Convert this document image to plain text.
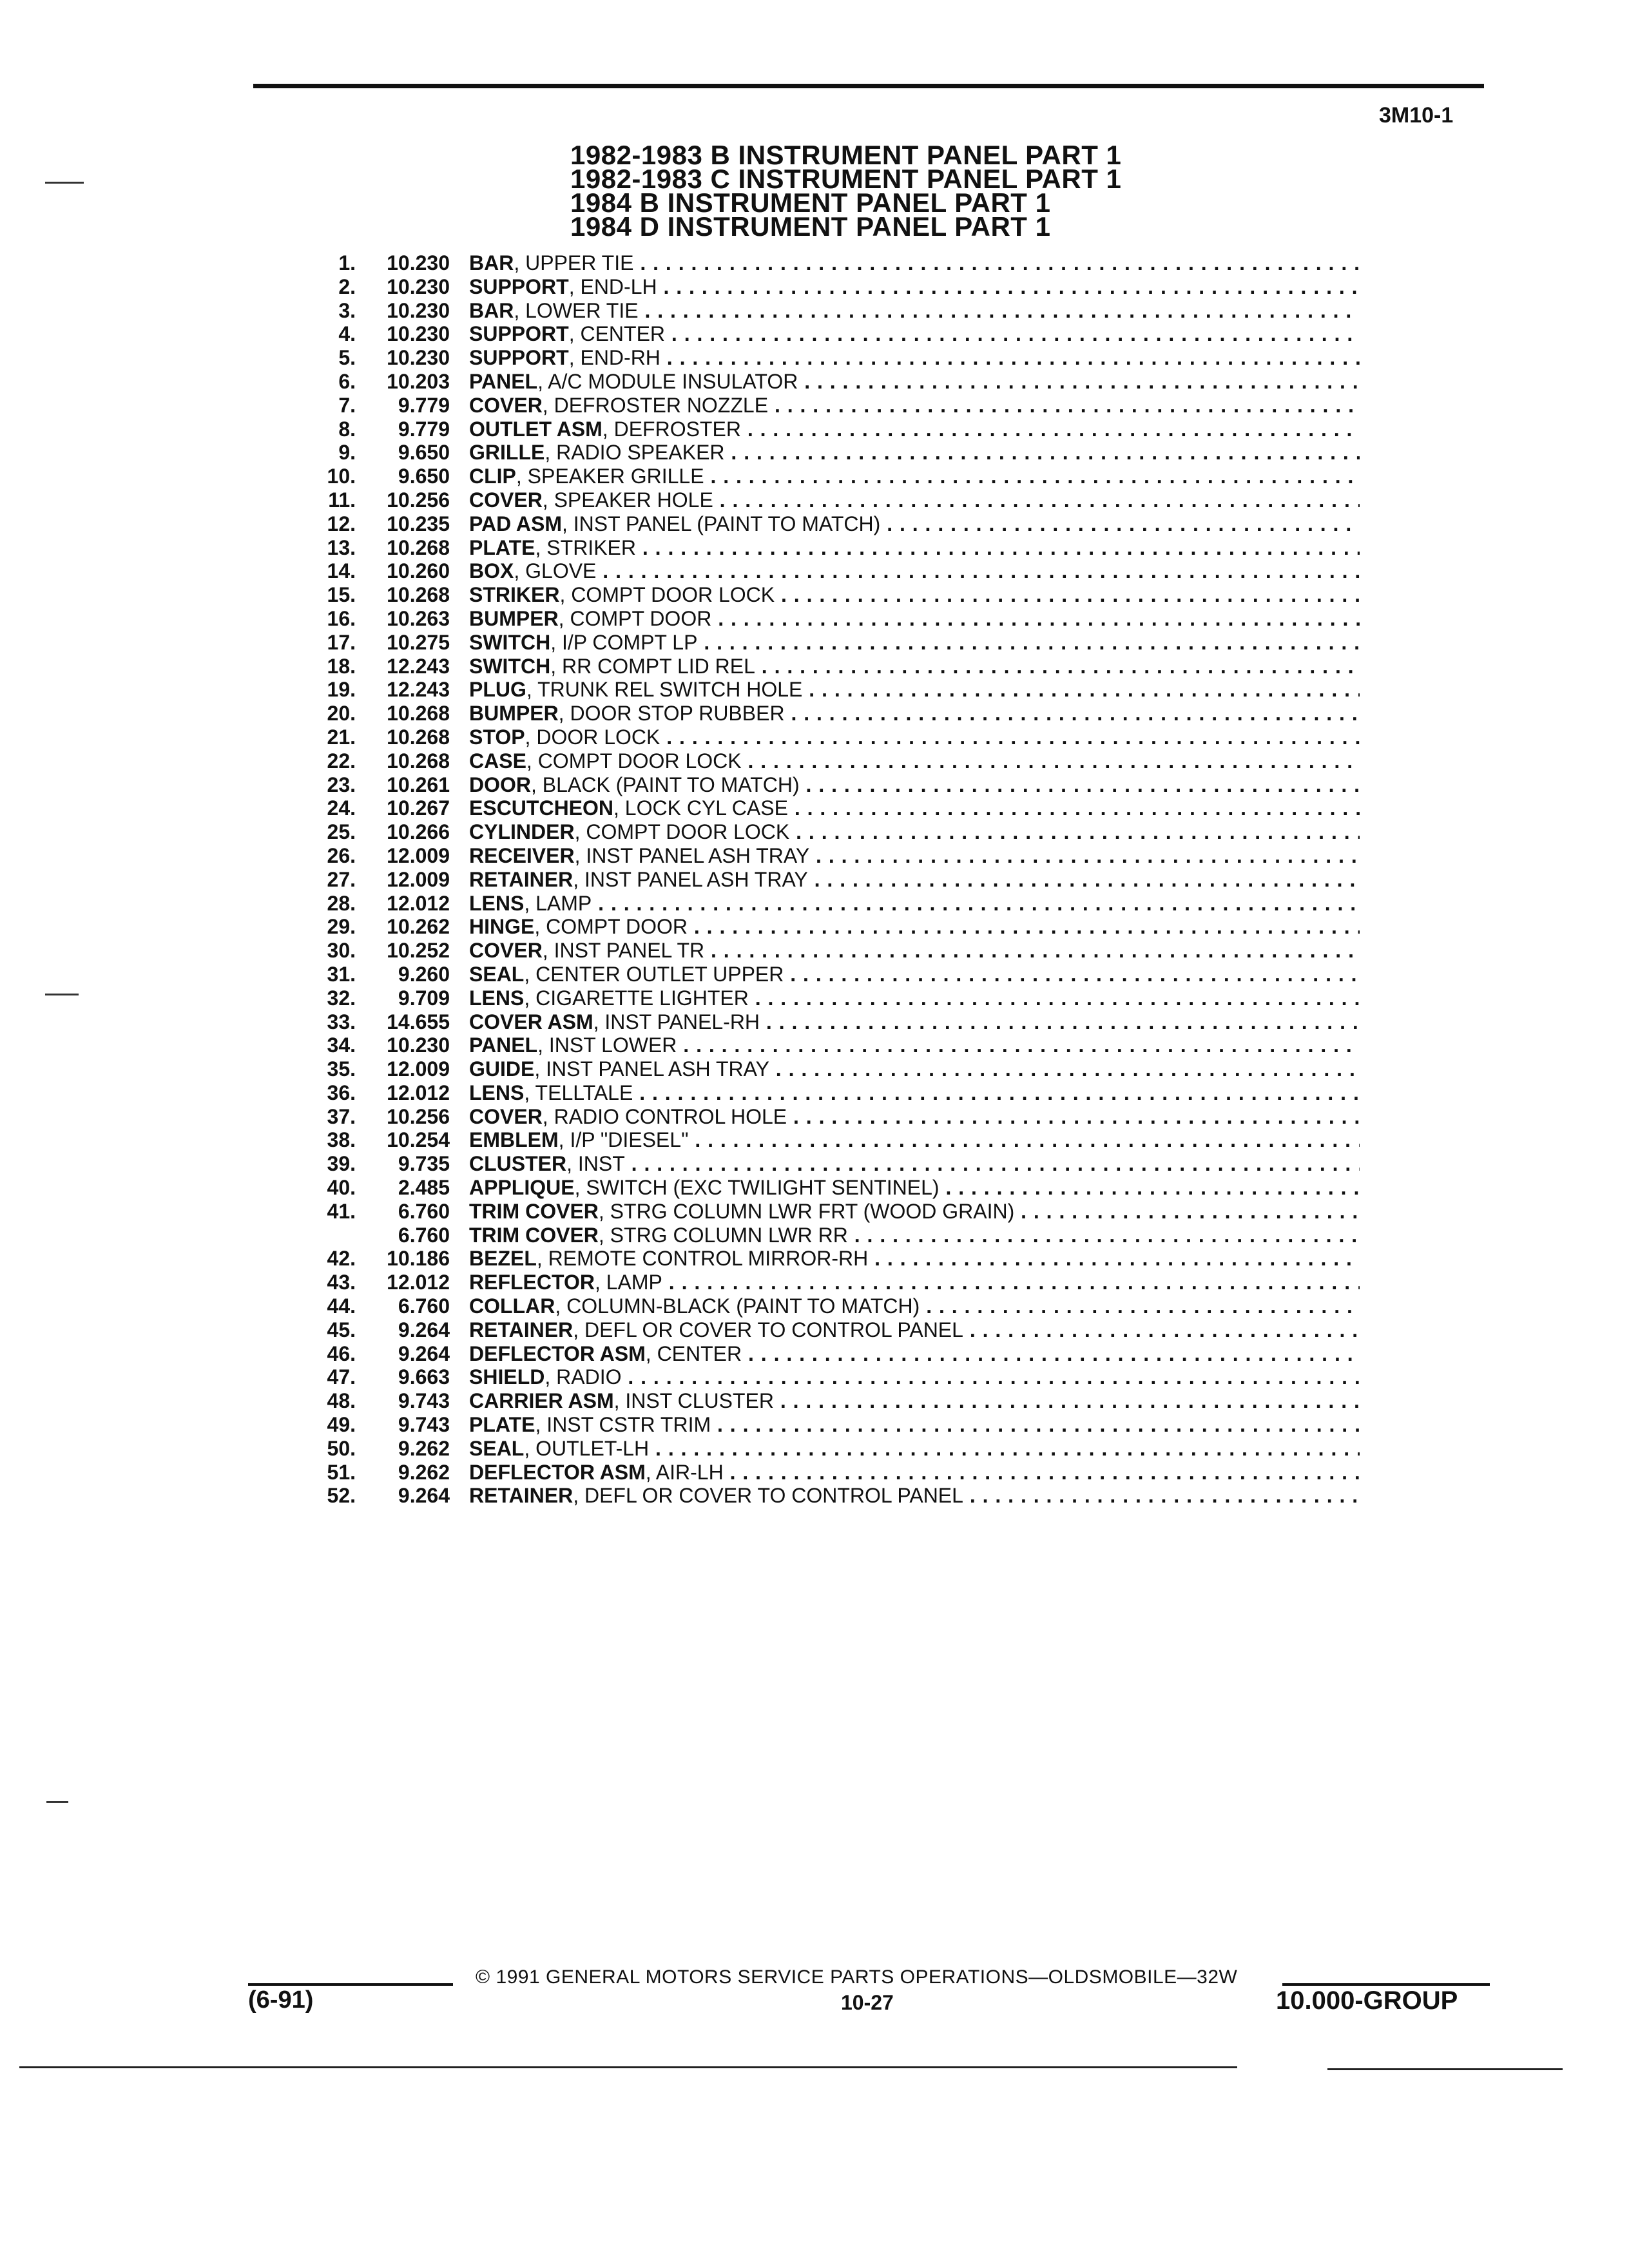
3M10-1
1982-1983 B INSTRUMENT PANEL PART 1
1982-1983 C INSTRUMENT PANEL PART 1
1984 B INSTRUMENT PANEL PART 1
1984 D INSTRUMENT PANEL PART 1
1.	10.230 BAR, UPPER TIE . . .
2.	10.230 SUPPORT, END-LH . . .
3.	10.230 BAR, LOWER TIE . . .
4.	10.230 SUPPORT, CENTER . . .
5.	10.230 SUPPORT, END-RH . . .
6.	10.203 PANEL, A/C MODULE INSULATOR . . .
7.	9.779 COVER, DEFROSTER NOZZLE . . .
8.	9.779 OUTLET ASM, DEFROSTER . . .
9.	9.650 GRILLE, RADIO SPEAKER . . .
10.	9.650 CLIP, SPEAKER GRILLE . . .
11.	10.256 COVER, SPEAKER HOLE . . .
12.	10.235 PAD ASM, INST PANEL (PAINT TO MATCH) . . .
13.	10.268 PLATE, STRIKER . . .
14.	10.260 BOX, GLOVE . . .
15.	10.268 STRIKER, COMPT DOOR LOCK . . .
16.	10.263 BUMPER, COMPT DOOR . . .
17.	10.275 SWITCH, I/P COMPT LP . . .
18.	12.243 SWITCH, RR COMPT LID REL . . .
19.	12.243 PLUG, TRUNK REL SWITCH HOLE . . .
20.	10.268 BUMPER, DOOR STOP RUBBER . . .
21.	10.268 STOP, DOOR LOCK . . .
22.	10.268 CASE, COMPT DOOR LOCK . . .
23.	10.261 DOOR, BLACK (PAINT TO MATCH) . . .
24.	10.267 ESCUTCHEON, LOCK CYL CASE . . .
25.	10.266 CYLINDER, COMPT DOOR LOCK . . .
26.	12.009 RECEIVER, INST PANEL ASH TRAY . . .
27.	12.009 RETAINER, INST PANEL ASH TRAY . . .
28.	12.012 LENS, LAMP . . .
29.	10.262 HINGE, COMPT DOOR . . .
30.	10.252 COVER, INST PANEL TR . . .
31.	9.260 SEAL, CENTER OUTLET UPPER . . .
32.	9.709 LENS, CIGARETTE LIGHTER . . .
33.	14.655 COVER ASM, INST PANEL-RH . . .
34.	10.230 PANEL, INST LOWER . . .
35.	12.009 GUIDE, INST PANEL ASH TRAY . . .
36.	12.012 LENS, TELLTALE . . .
37.	10.256 COVER, RADIO CONTROL HOLE . . .
38.	10.254 EMBLEM, I/P "DIESEL" . . .
39.	9.735 CLUSTER, INST . . .
40.	2.485 APPLIQUE, SWITCH (EXC TWILIGHT SENTINEL) . . .
41.	6.760 TRIM COVER, STRG COLUMN LWR FRT (WOOD GRAIN) . . .
6.760 TRIM COVER, STRG COLUMN LWR RR . . .
42.	10.186 BEZEL, REMOTE CONTROL MIRROR-RH . . .
43.	12.012 REFLECTOR, LAMP . . .
44.	6.760 COLLAR, COLUMN-BLACK (PAINT TO MATCH) . . .
45.	9.264 RETAINER, DEFL OR COVER TO CONTROL PANEL . . .
46.	9.264 DEFLECTOR ASM, CENTER . . .
47.	9.663 SHIELD, RADIO . . .
48.	9.743 CARRIER ASM, INST CLUSTER . . .
49.	9.743 PLATE, INST CSTR TRIM . . .
50.	9.262 SEAL, OUTLET-LH . . .
51.	9.262 DEFLECTOR ASM, AIR-LH . . .
52.	9.264 RETAINER, DEFL OR COVER TO CONTROL PANEL . . .
© 1991 GENERAL MOTORS SERVICE PARTS OPERATIONS—OLDSMOBILE—32W
(6-91)	10-27	10.000-GROUP
